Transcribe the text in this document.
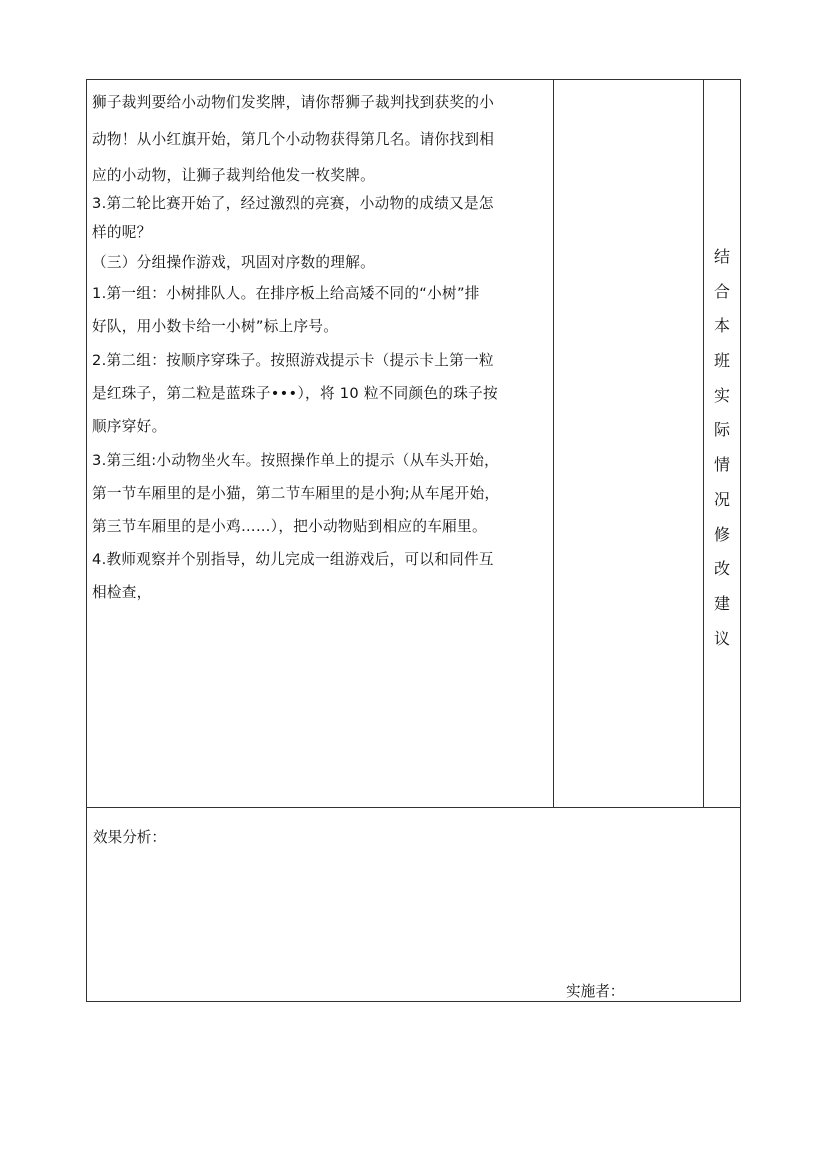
狮子裁判要给小动物们发奖牌，请你帮狮子裁判找到获奖的小
动物！从小红旗开始，第几个小动物获得第几名。请你找到相
应的小动物，让狮子裁判给他发一枚奖牌。
3.第二轮比赛开始了，经过激烈的亮赛，小动物的成绩又是怎
样的呢？
（三）分组操作游戏，巩固对序数的理解。
1.第一组：小树排队人。在排序板上给高矮不同的“小树”排
好队，用小数卡给一小树”标上序号。
2.第二组：按顺序穿珠子。按照游戏提示卡（提示卡上第一粒
是红珠子，第二粒是蓝珠子•••），将 10 粒不同颜色的珠子按
顺序穿好。
3.第三组:小动物坐火车。按照操作单上的提示（从车头开始，
第一节车厢里的是小猫，第二节车厢里的是小狗;从车尾开始，
第三节车厢里的是小鸡……），把小动物贴到相应的车厢里。
4.教师观察并个别指导，幼儿完成一组游戏后，可以和同件互
相检查，
结
合
本
班
实
际
情
况
修
改
建
议
效果分析：
实施者：
